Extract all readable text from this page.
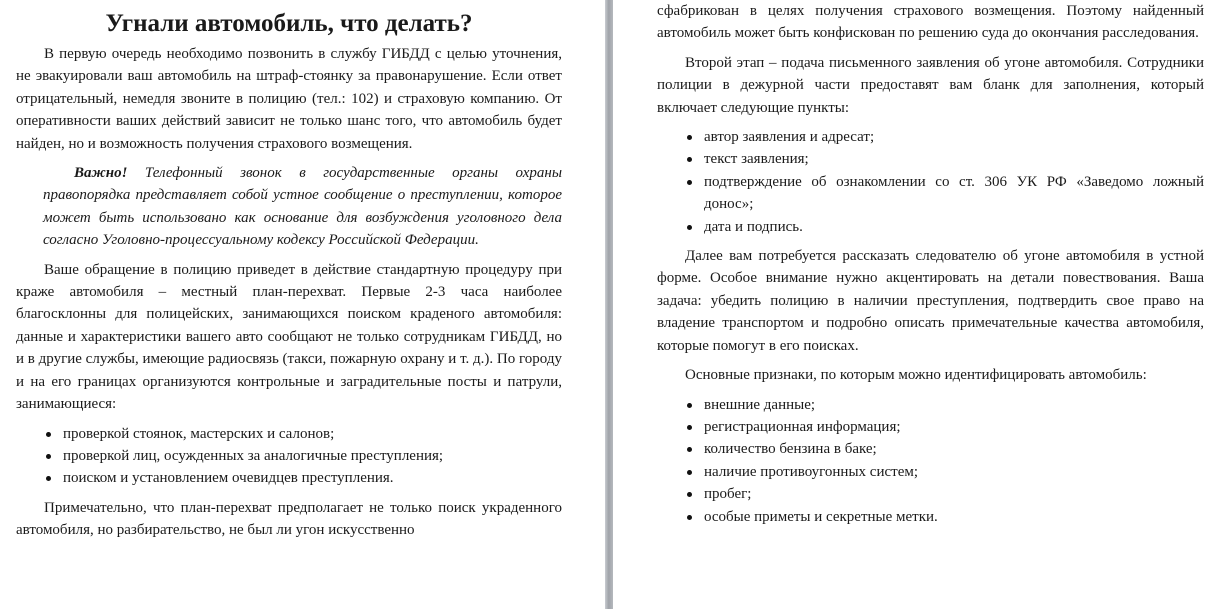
Угнали автомобиль, что делать?

В первую очередь необходимо позвонить в службу ГИБДД с целью уточнения, не эвакуировали ваш автомобиль на штраф-стоянку за правонарушение. Если ответ отрицательный, немедля звоните в полицию (тел.: 102) и страховую компанию. От оперативности ваших действий зависит не только шанс того, что автомобиль будет найден, но и возможность получения страхового возмещения.

Важно! Телефонный звонок в государственные органы охраны правопорядка представляет собой устное сообщение о преступлении, которое может быть использовано как основание для возбуждения уголовного дела согласно Уголовно-процессуальному кодексу Российской Федерации.

Ваше обращение в полицию приведет в действие стандартную процедуру при краже автомобиля – местный план-перехват. Первые 2-3 часа наиболее благосклонны для полицейских, занимающихся поиском краденого автомобиля: данные и характеристики вашего авто сообщают не только сотрудникам ГИБДД, но и в другие службы, имеющие радиосвязь (такси, пожарную охрану и т. д.). По городу и на его границах организуются контрольные и заградительные посты и патрули, занимающиеся:

проверкой стоянок, мастерских и салонов;
проверкой лиц, осужденных за аналогичные преступления;
поиском и установлением очевидцев преступления.

Примечательно, что план-перехват предполагает не только поиск украденного автомобиля, но разбирательство, не был ли угон искусственно

сфабрикован в целях получения страхового возмещения. Поэтому найденный автомобиль может быть конфискован по решению суда до окончания расследования.

Второй этап – подача письменного заявления об угоне автомобиля. Сотрудники полиции в дежурной части предоставят вам бланк для заполнения, который включает следующие пункты:

автор заявления и адресат;
текст заявления;
подтверждение об ознакомлении со ст. 306 УК РФ «Заведомо ложный донос»;
дата и подпись.

Далее вам потребуется рассказать следователю об угоне автомобиля в устной форме. Особое внимание нужно акцентировать на детали повествования. Ваша задача: убедить полицию в наличии преступления, подтвердить свое право на владение транспортом и подробно описать примечательные качества автомобиля, которые помогут в его поисках.

Основные признаки, по которым можно идентифицировать автомобиль:

внешние данные;
регистрационная информация;
количество бензина в баке;
наличие противоугонных систем;
пробег;
особые приметы и секретные метки.
